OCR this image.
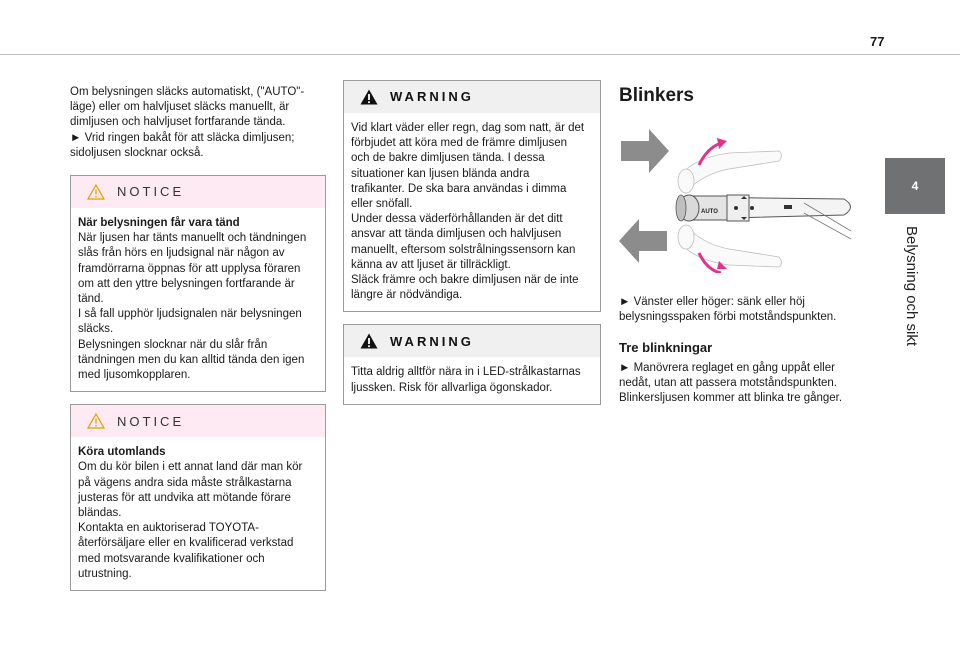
77
4
Belysning och sikt

Om belysningen släcks automatiskt, ("AUTO"-

läge) eller om halvljuset släcks manuellt, är

dimljusen och halvljuset fortfarande tända.

► Vrid ringen bakåt för att släcka dimljusen;

sidoljusen slocknar också.

NOTICE

När belysningen får vara tänd

När ljusen har tänts manuellt och tändningen

slås från hörs en ljudsignal när någon av

framdörrarna öppnas för att upplysa föraren

om att den yttre belysningen fortfarande är

tänd.

I så fall upphör ljudsignalen när belysningen

släcks.

Belysningen slocknar när du slår från

tändningen men du kan alltid tända den igen

med ljusomkopplaren.

NOTICE

Köra utomlands

Om du kör bilen i ett annat land där man kör

på vägens andra sida måste strålkastarna

justeras för att undvika att mötande förare

bländas.

Kontakta en auktoriserad TOYOTA-

återförsäljare eller en kvalificerad verkstad

med motsvarande kvalifikationer och

utrustning.

WARNING

Vid klart väder eller regn, dag som natt, är det

förbjudet att köra med de främre dimljusen

och de bakre dimljusen tända. I dessa

situationer kan ljusen blända andra

trafikanter. De ska bara användas i dimma

eller snöfall.

Under dessa väderförhållanden är det ditt

ansvar att tända dimljusen och halvljusen

manuellt, eftersom solstrålningssensorn kan

känna av att ljuset är tillräckligt.

Släck främre och bakre dimljusen när de inte

längre är nödvändiga.

WARNING

Titta aldrig alltför nära in i LED-strålkastarnas

ljussken. Risk för allvarliga ögonskador.

Blinkers

AUTO

► Vänster eller höger: sänk eller höj

belysningsspaken förbi motståndspunkten.

Tre blinkningar

► Manövrera reglaget en gång uppåt eller

nedåt, utan att passera motståndspunkten.

Blinkersljusen kommer att blinka tre gånger.
